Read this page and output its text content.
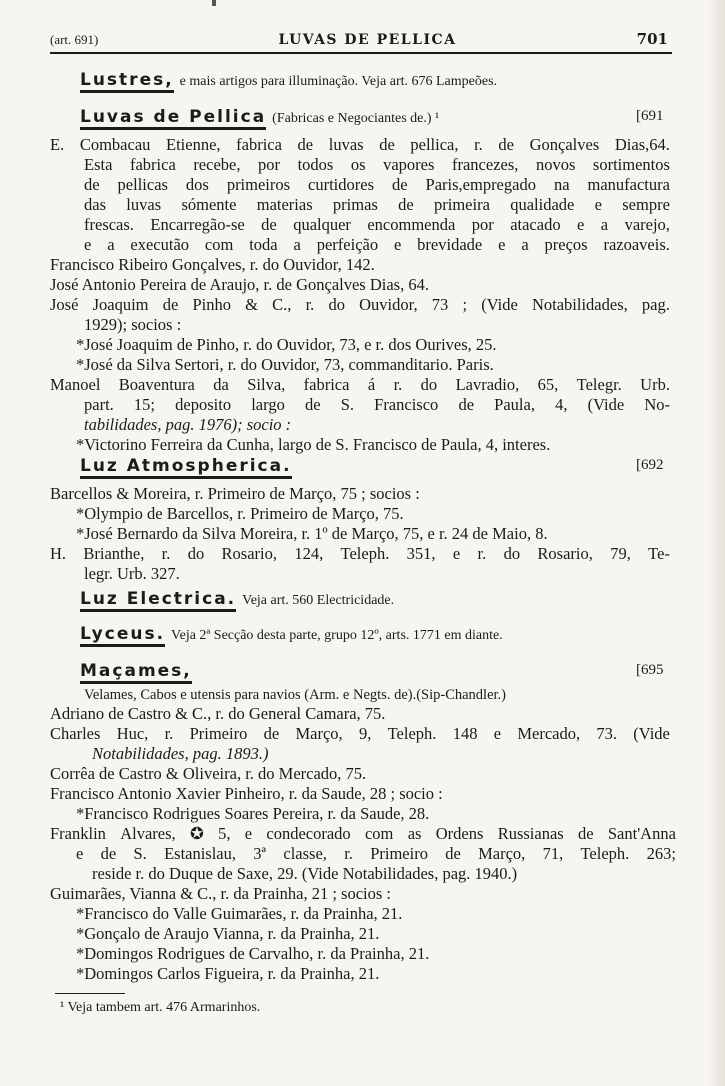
(art. 691)	LUVAS DE PELLICA	701
Lustres, e mais artigos para illuminação. Veja art. 676 Lampeões.
Luvas de Pellica (Fabricas e Negociantes de.) ¹	[691
E. Combacau Etienne, fabrica de luvas de pellica, r. de Gonçalves Dias,64.
Esta fabrica recebe, por todos os vapores francezes, novos sortimentos
de pellicas dos primeiros curtidores de Paris,empregado na manufactura
das luvas sómente materias primas de primeira qualidade e sempre
frescas. Encarregão-se de qualquer encommenda por atacado e a varejo,
e a executão com toda a perfeição e brevidade e a preços razoaveis.
Francisco Ribeiro Gonçalves, r. do Ouvidor, 142.
José Antonio Pereira de Araujo, r. de Gonçalves Dias, 64.
José Joaquim de Pinho & C., r. do Ouvidor, 73 ; (Vide Notabilidades, pag.
1929); socios :
*José Joaquim de Pinho, r. do Ouvidor, 73, e r. dos Ourives, 25.
*José da Silva Sertori, r. do Ouvidor, 73, commanditario. Paris.
Manoel Boaventura da Silva, fabrica á r. do Lavradio, 65, Telegr. Urb.
part. 15; deposito largo de S. Francisco de Paula, 4, (Vide No-
tabilidades, pag. 1976); socio :
*Victorino Ferreira da Cunha, largo de S. Francisco de Paula, 4, interes.
Luz Atmospherica.	[692
Barcellos & Moreira, r. Primeiro de Março, 75 ; socios :
*Olympio de Barcellos, r. Primeiro de Março, 75.
*José Bernardo da Silva Moreira, r. 1º de Março, 75, e r. 24 de Maio, 8.
H. Brianthe, r. do Rosario, 124, Teleph. 351, e r. do Rosario, 79, Te-
legr. Urb. 327.
Luz Electrica. Veja art. 560 Electricidade.
Lyceus. Veja 2ª Secção desta parte, grupo 12º, arts. 1771 em diante.
Maçames,	[695
Velames, Cabos e utensis para navios (Arm. e Negts. de).(Sip-Chandler.)
Adriano de Castro & C., r. do General Camara, 75.
Charles Huc, r. Primeiro de Março, 9, Teleph. 148 e Mercado, 73. (Vide
Notabilidades, pag. 1893.)
Corrêa de Castro & Oliveira, r. do Mercado, 75.
Francisco Antonio Xavier Pinheiro, r. da Saude, 28 ; socio :
*Francisco Rodrigues Soares Pereira, r. da Saude, 28.
Franklin Alvares, ✪ 5, e condecorado com as Ordens Russianas de Sant'Anna
e de S. Estanislau, 3ª classe, r. Primeiro de Março, 71, Teleph. 263;
reside r. do Duque de Saxe, 29. (Vide Notabilidades, pag. 1940.)
Guimarães, Vianna & C., r. da Prainha, 21 ; socios :
*Francisco do Valle Guimarães, r. da Prainha, 21.
*Gonçalo de Araujo Vianna, r. da Prainha, 21.
*Domingos Rodrigues de Carvalho, r. da Prainha, 21.
*Domingos Carlos Figueira, r. da Prainha, 21.
¹ Veja tambem art. 476 Armarinhos.
